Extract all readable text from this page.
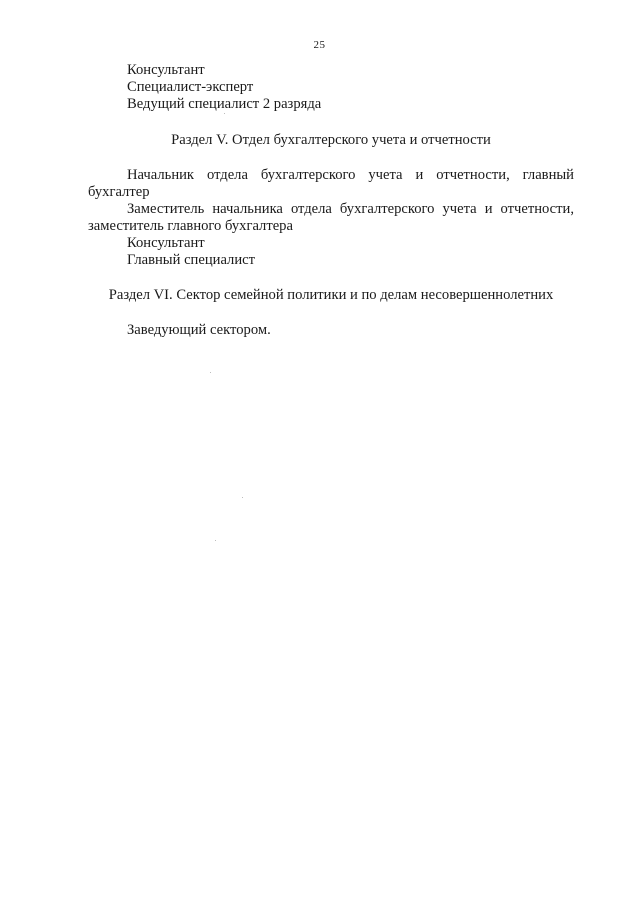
25
Консультант
Специалист-эксперт
Ведущий специалист 2 разряда

Раздел V. Отдел бухгалтерского учета и отчетности

Начальник отдела бухгалтерского учета и отчетности, главный бухгалтер

Заместитель начальника отдела бухгалтерского учета и отчетности, заместитель главного бухгалтера

Консультант
Главный специалист

Раздел VI. Сектор семейной политики и по делам несовершеннолетних

Заведующий сектором.
